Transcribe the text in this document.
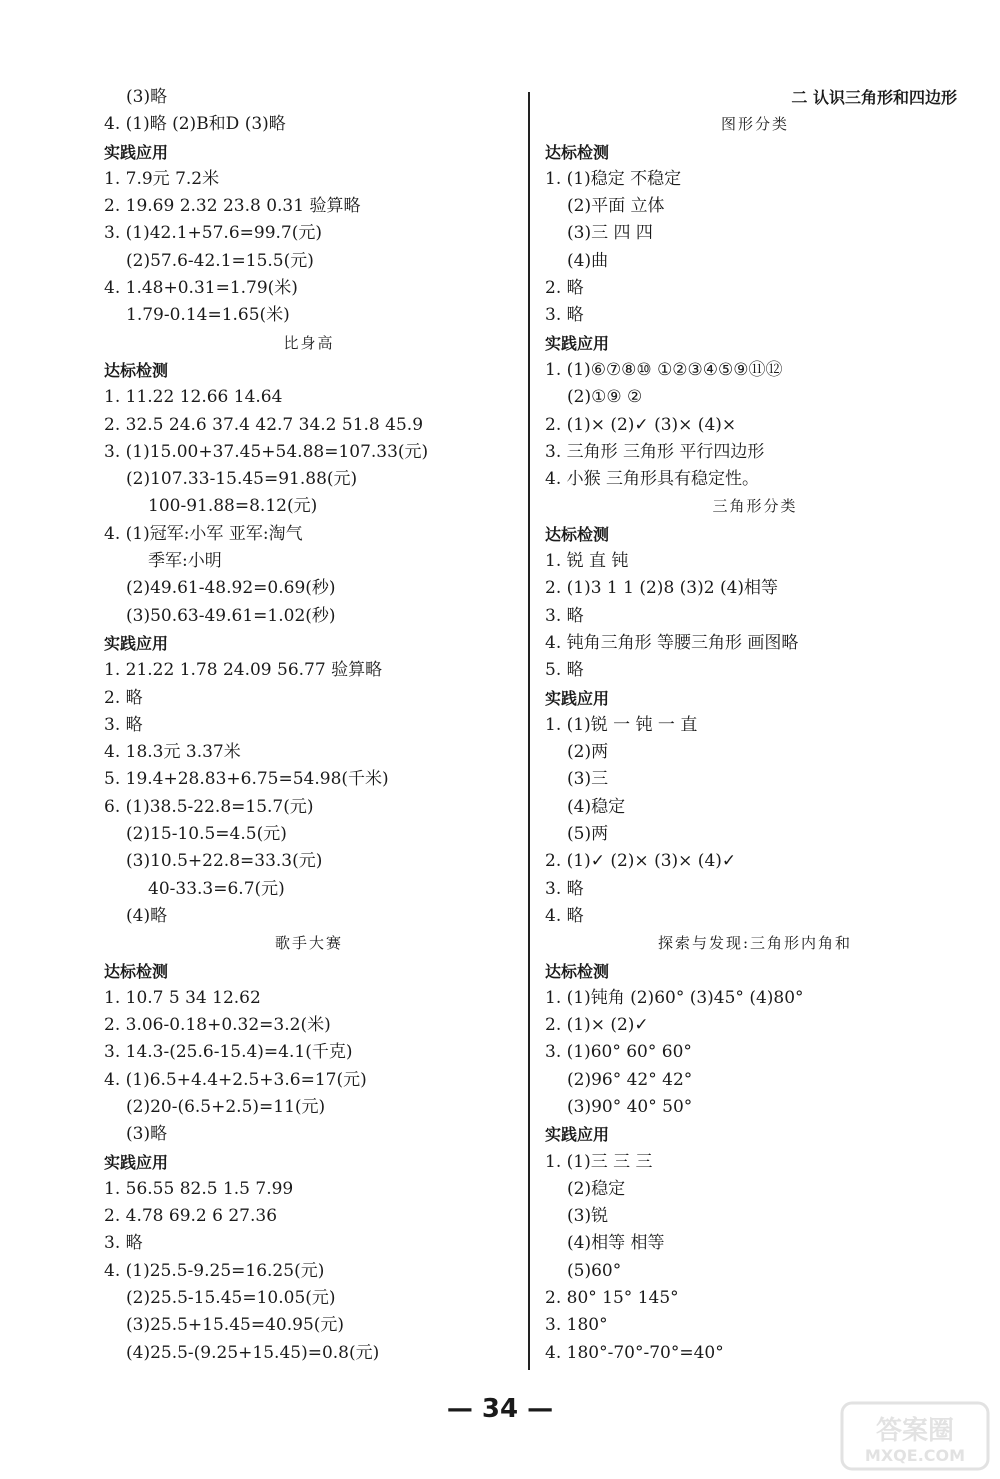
(3)略
4. (1)略 (2)B和D (3)略
实践应用
1. 7.9元 7.2米
2. 19.69 2.32 23.8 0.31 验算略
3. (1)42.1+57.6=99.7(元)
(2)57.6-42.1=15.5(元)
4. 1.48+0.31=1.79(米)
1.79-0.14=1.65(米)
比身高
达标检测
1. 11.22 12.66 14.64
2. 32.5 24.6 37.4 42.7 34.2 51.8 45.9
3. (1)15.00+37.45+54.88=107.33(元)
(2)107.33-15.45=91.88(元)
100-91.88=8.12(元)
4. (1)冠军:小军 亚军:淘气
季军:小明
(2)49.61-48.92=0.69(秒)
(3)50.63-49.61=1.02(秒)
实践应用
1. 21.22 1.78 24.09 56.77 验算略
2. 略
3. 略
4. 18.3元 3.37米
5. 19.4+28.83+6.75=54.98(千米)
6. (1)38.5-22.8=15.7(元)
(2)15-10.5=4.5(元)
(3)10.5+22.8=33.3(元)
40-33.3=6.7(元)
(4)略
歌手大赛
达标检测
1. 10.7 5 34 12.62
2. 3.06-0.18+0.32=3.2(米)
3. 14.3-(25.6-15.4)=4.1(千克)
4. (1)6.5+4.4+2.5+3.6=17(元)
(2)20-(6.5+2.5)=11(元)
(3)略
实践应用
1. 56.55 82.5 1.5 7.99
2. 4.78 69.2 6 27.36
3. 略
4. (1)25.5-9.25=16.25(元)
(2)25.5-15.45=10.05(元)
(3)25.5+15.45=40.95(元)
(4)25.5-(9.25+15.45)=0.8(元)
二 认识三角形和四边形
图形分类
达标检测
1. (1)稳定 不稳定
(2)平面 立体
(3)三 四 四
(4)曲
2. 略
3. 略
实践应用
1. (1)⑥⑦⑧⑩ ①②③④⑤⑨⑪⑫
(2)①⑨ ②
2. (1)× (2)✓ (3)× (4)×
3. 三角形 三角形 平行四边形
4. 小猴 三角形具有稳定性。
三角形分类
达标检测
1. 锐 直 钝
2. (1)3 1 1 (2)8 (3)2 (4)相等
3. 略
4. 钝角三角形 等腰三角形 画图略
5. 略
实践应用
1. (1)锐 一 钝 一 直
(2)两
(3)三
(4)稳定
(5)两
2. (1)✓ (2)× (3)× (4)✓
3. 略
4. 略
探索与发现:三角形内角和
达标检测
1. (1)钝角 (2)60° (3)45° (4)80°
2. (1)× (2)✓
3. (1)60° 60° 60°
(2)96° 42° 42°
(3)90° 40° 50°
实践应用
1. (1)三 三 三
(2)稳定
(3)锐
(4)相等 相等
(5)60°
2. 80° 15° 145°
3. 180°
4. 180°-70°-70°=40°
— 34 —
答案圈
MXQE.COM
